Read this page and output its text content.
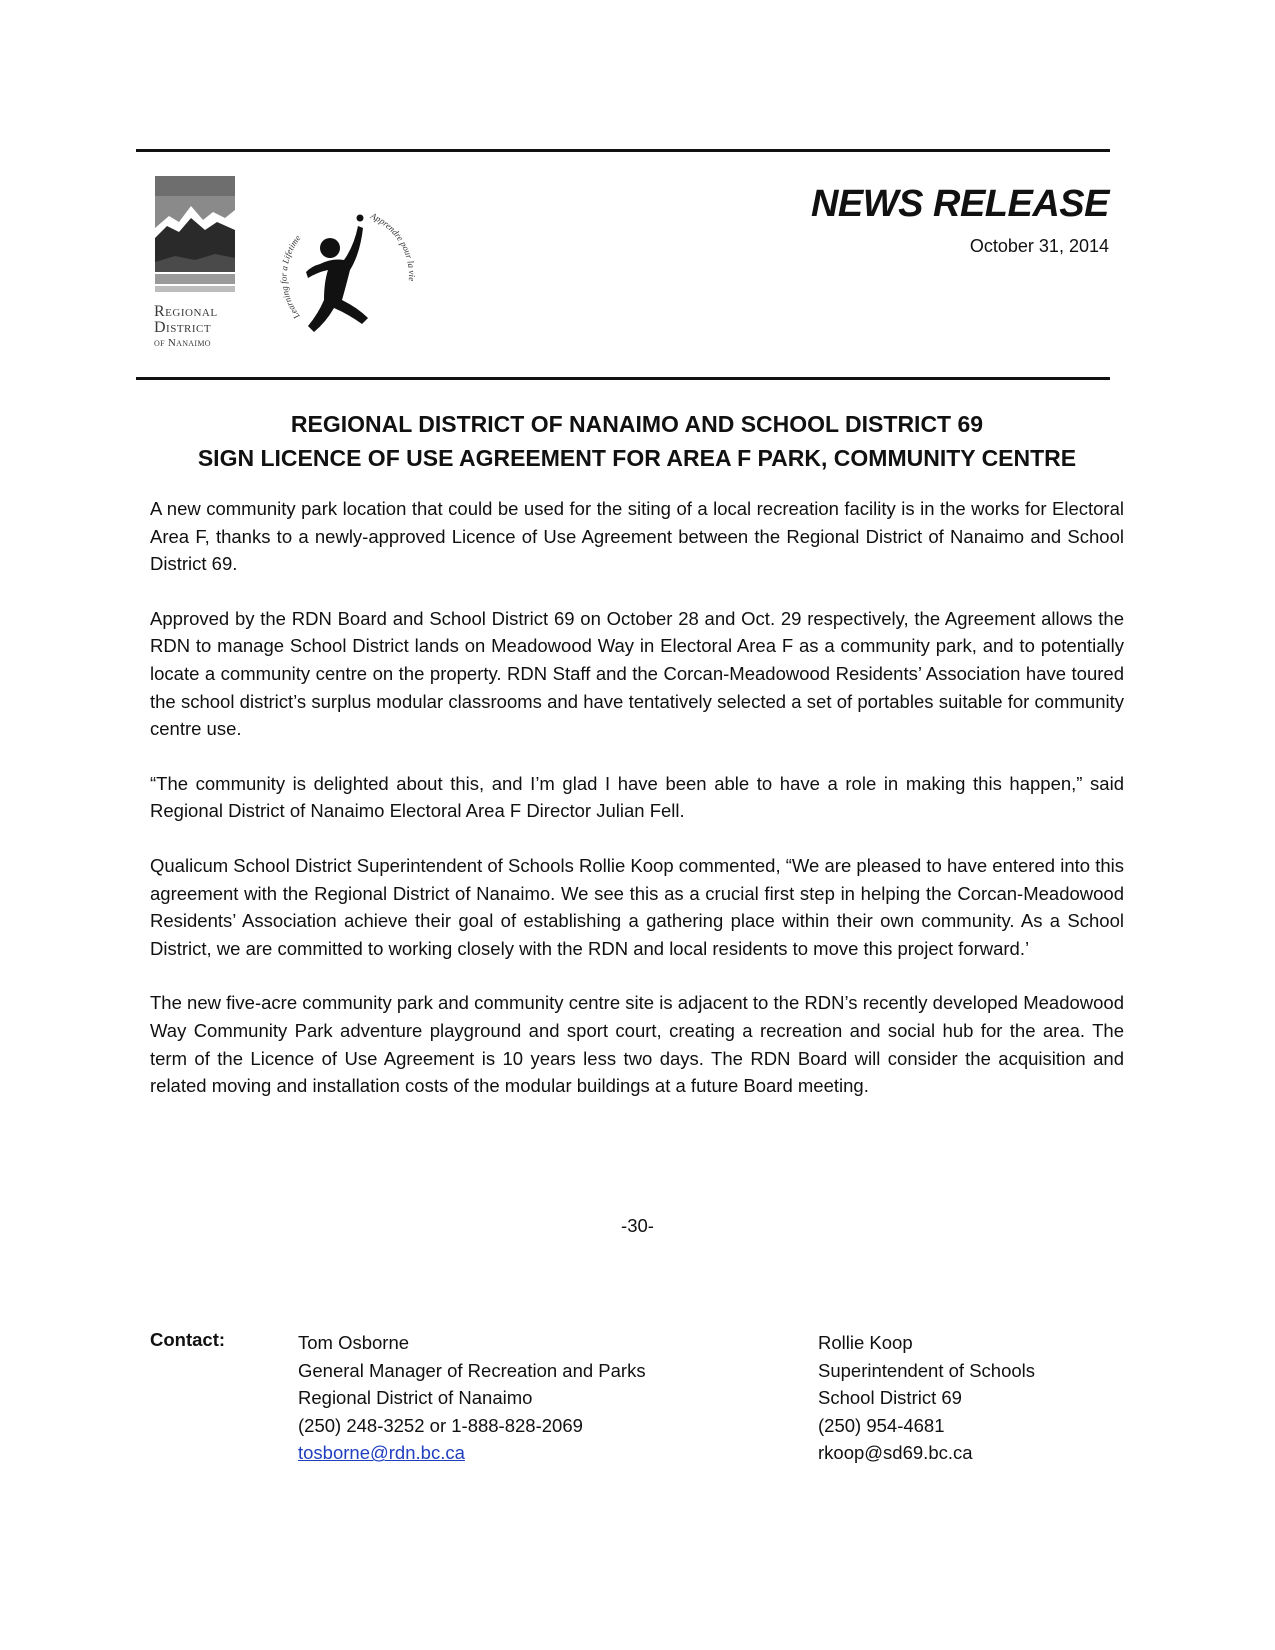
Regional
District
of Nanaimo
Learning for a Lifetime
Apprendre pour la vie
NEWS RELEASE
October 31, 2014
REGIONAL DISTRICT OF NANAIMO AND SCHOOL DISTRICT 69
SIGN LICENCE OF USE AGREEMENT FOR AREA F PARK, COMMUNITY CENTRE

A new community park location that could be used for the siting of a local recreation facility is in the works for Electoral Area F, thanks to a newly-approved Licence of Use Agreement between the Regional District of Nanaimo and School District 69.

Approved by the RDN Board and School District 69 on October 28 and Oct. 29 respectively, the Agreement allows the RDN to manage School District lands on Meadowood Way in Electoral Area F as a community park, and to potentially locate a community centre on the property. RDN Staff and the Corcan-Meadowood Residents’ Association have toured the school district’s surplus modular classrooms and have tentatively selected a set of portables suitable for community centre use.

“The community is delighted about this, and I’m glad I have been able to have a role in making this happen,” said Regional District of Nanaimo Electoral Area F Director Julian Fell.

Qualicum School District Superintendent of Schools Rollie Koop commented, “We are pleased to have entered into this agreement with the Regional District of Nanaimo. We see this as a crucial first step in helping the Corcan-Meadowood Residents’ Association achieve their goal of establishing a gathering place within their own community. As a School District, we are committed to working closely with the RDN and local residents to move this project forward.’

The new five-acre community park and community centre site is adjacent to the RDN’s recently developed Meadowood Way Community Park adventure playground and sport court, creating a recreation and social hub for the area. The term of the Licence of Use Agreement is 10 years less two days. The RDN Board will consider the acquisition and related moving and installation costs of the modular buildings at a future Board meeting.

-30-
Contact:	Tom Osborne
General Manager of Recreation and Parks
Regional District of Nanaimo
(250) 248-3252 or 1-888-828-2069
tosborne@rdn.bc.ca
Rollie Koop
Superintendent of Schools
School District 69
(250) 954-4681
rkoop@sd69.bc.ca
